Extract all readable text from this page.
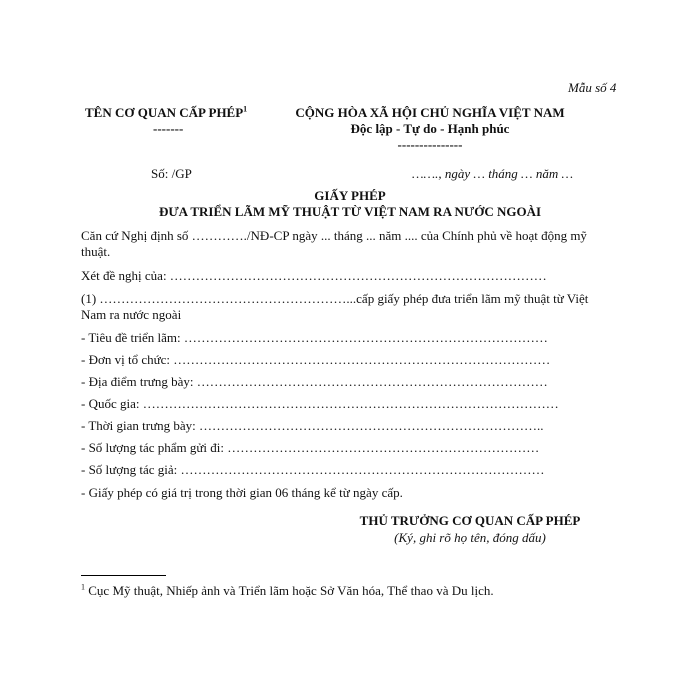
Mẫu số 4
TÊN CƠ QUAN CẤP PHÉP$^1$
-------
CỘNG HÒA XÃ HỘI CHỦ NGHĨA VIỆT NAM
Độc lập - Tự do - Hạnh phúc
---------------
Số: /GP	……., ngày … tháng … năm …
GIẤY PHÉP
ĐƯA TRIỂN LÃM MỸ THUẬT TỪ VIỆT NAM RA NƯỚC NGOÀI
Căn cứ Nghị định số …………./NĐ-CP ngày ... tháng ... năm .... của Chính phủ về hoạt động mỹ
thuật.
Xét đề nghị của: ……………………………………………………………………………
(1) …………………………………………………...cấp giấy phép đưa triển lãm mỹ thuật từ Việt
Nam ra nước ngoài
- Tiêu đề triển lãm: …………………………………………………………………………
- Đơn vị tổ chức: ……………………………………………………………………………
- Địa điểm trưng bày: ………………………………………………………………………
- Quốc gia: ……………………………………………………………………………………
- Thời gian trưng bày: ……………………………………………………………………..
- Số lượng tác phẩm gửi đi: ………………………………………………………………
- Số lượng tác giả: …………………………………………………………………………
- Giấy phép có giá trị trong thời gian 06 tháng kể từ ngày cấp.
THỦ TRƯỞNG CƠ QUAN CẤP PHÉP
(Ký, ghi rõ họ tên, đóng dấu)
$^1$ Cục Mỹ thuật, Nhiếp ảnh và Triển lãm hoặc Sở Văn hóa, Thể thao và Du lịch.
